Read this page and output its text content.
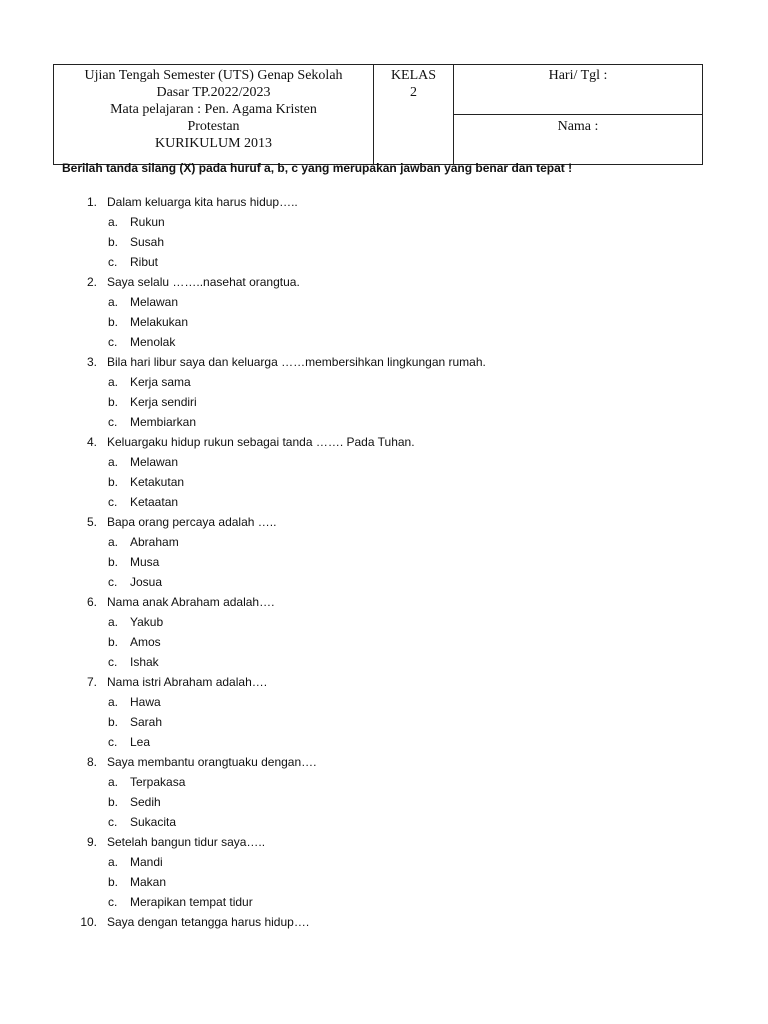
Ujian Tengah Semester (UTS) Genap Sekolah
Dasar TP.2022/2023
Mata pelajaran : Pen. Agama Kristen
Protestan
KURIKULUM 2013

KELAS
2
	Hari/ Tgl :
Nama :
Berilah tanda silang (X) pada huruf a, b, c yang merupakan jawban yang benar dan tepat !
1. Dalam keluarga kita harus hidup…..
a. Rukun
b. Susah
c. Ribut
2. Saya selalu ……..nasehat orangtua.
a. Melawan
b. Melakukan
c. Menolak
3. Bila hari libur saya dan keluarga ……membersihkan lingkungan rumah.
a. Kerja sama
b. Kerja sendiri
c. Membiarkan
4. Keluargaku hidup rukun sebagai tanda ……. Pada Tuhan.
a. Melawan
b. Ketakutan
c. Ketaatan
5. Bapa orang percaya adalah …..
a. Abraham
b. Musa
c. Josua
6. Nama anak Abraham adalah….
a. Yakub
b. Amos
c. Ishak
7. Nama istri Abraham adalah….
a. Hawa
b. Sarah
c. Lea
8. Saya membantu orangtuaku dengan….
a. Terpakasa
b. Sedih
c. Sukacita
9. Setelah bangun tidur saya…..
a. Mandi
b. Makan
c. Merapikan tempat tidur
10. Saya dengan tetangga harus hidup….
